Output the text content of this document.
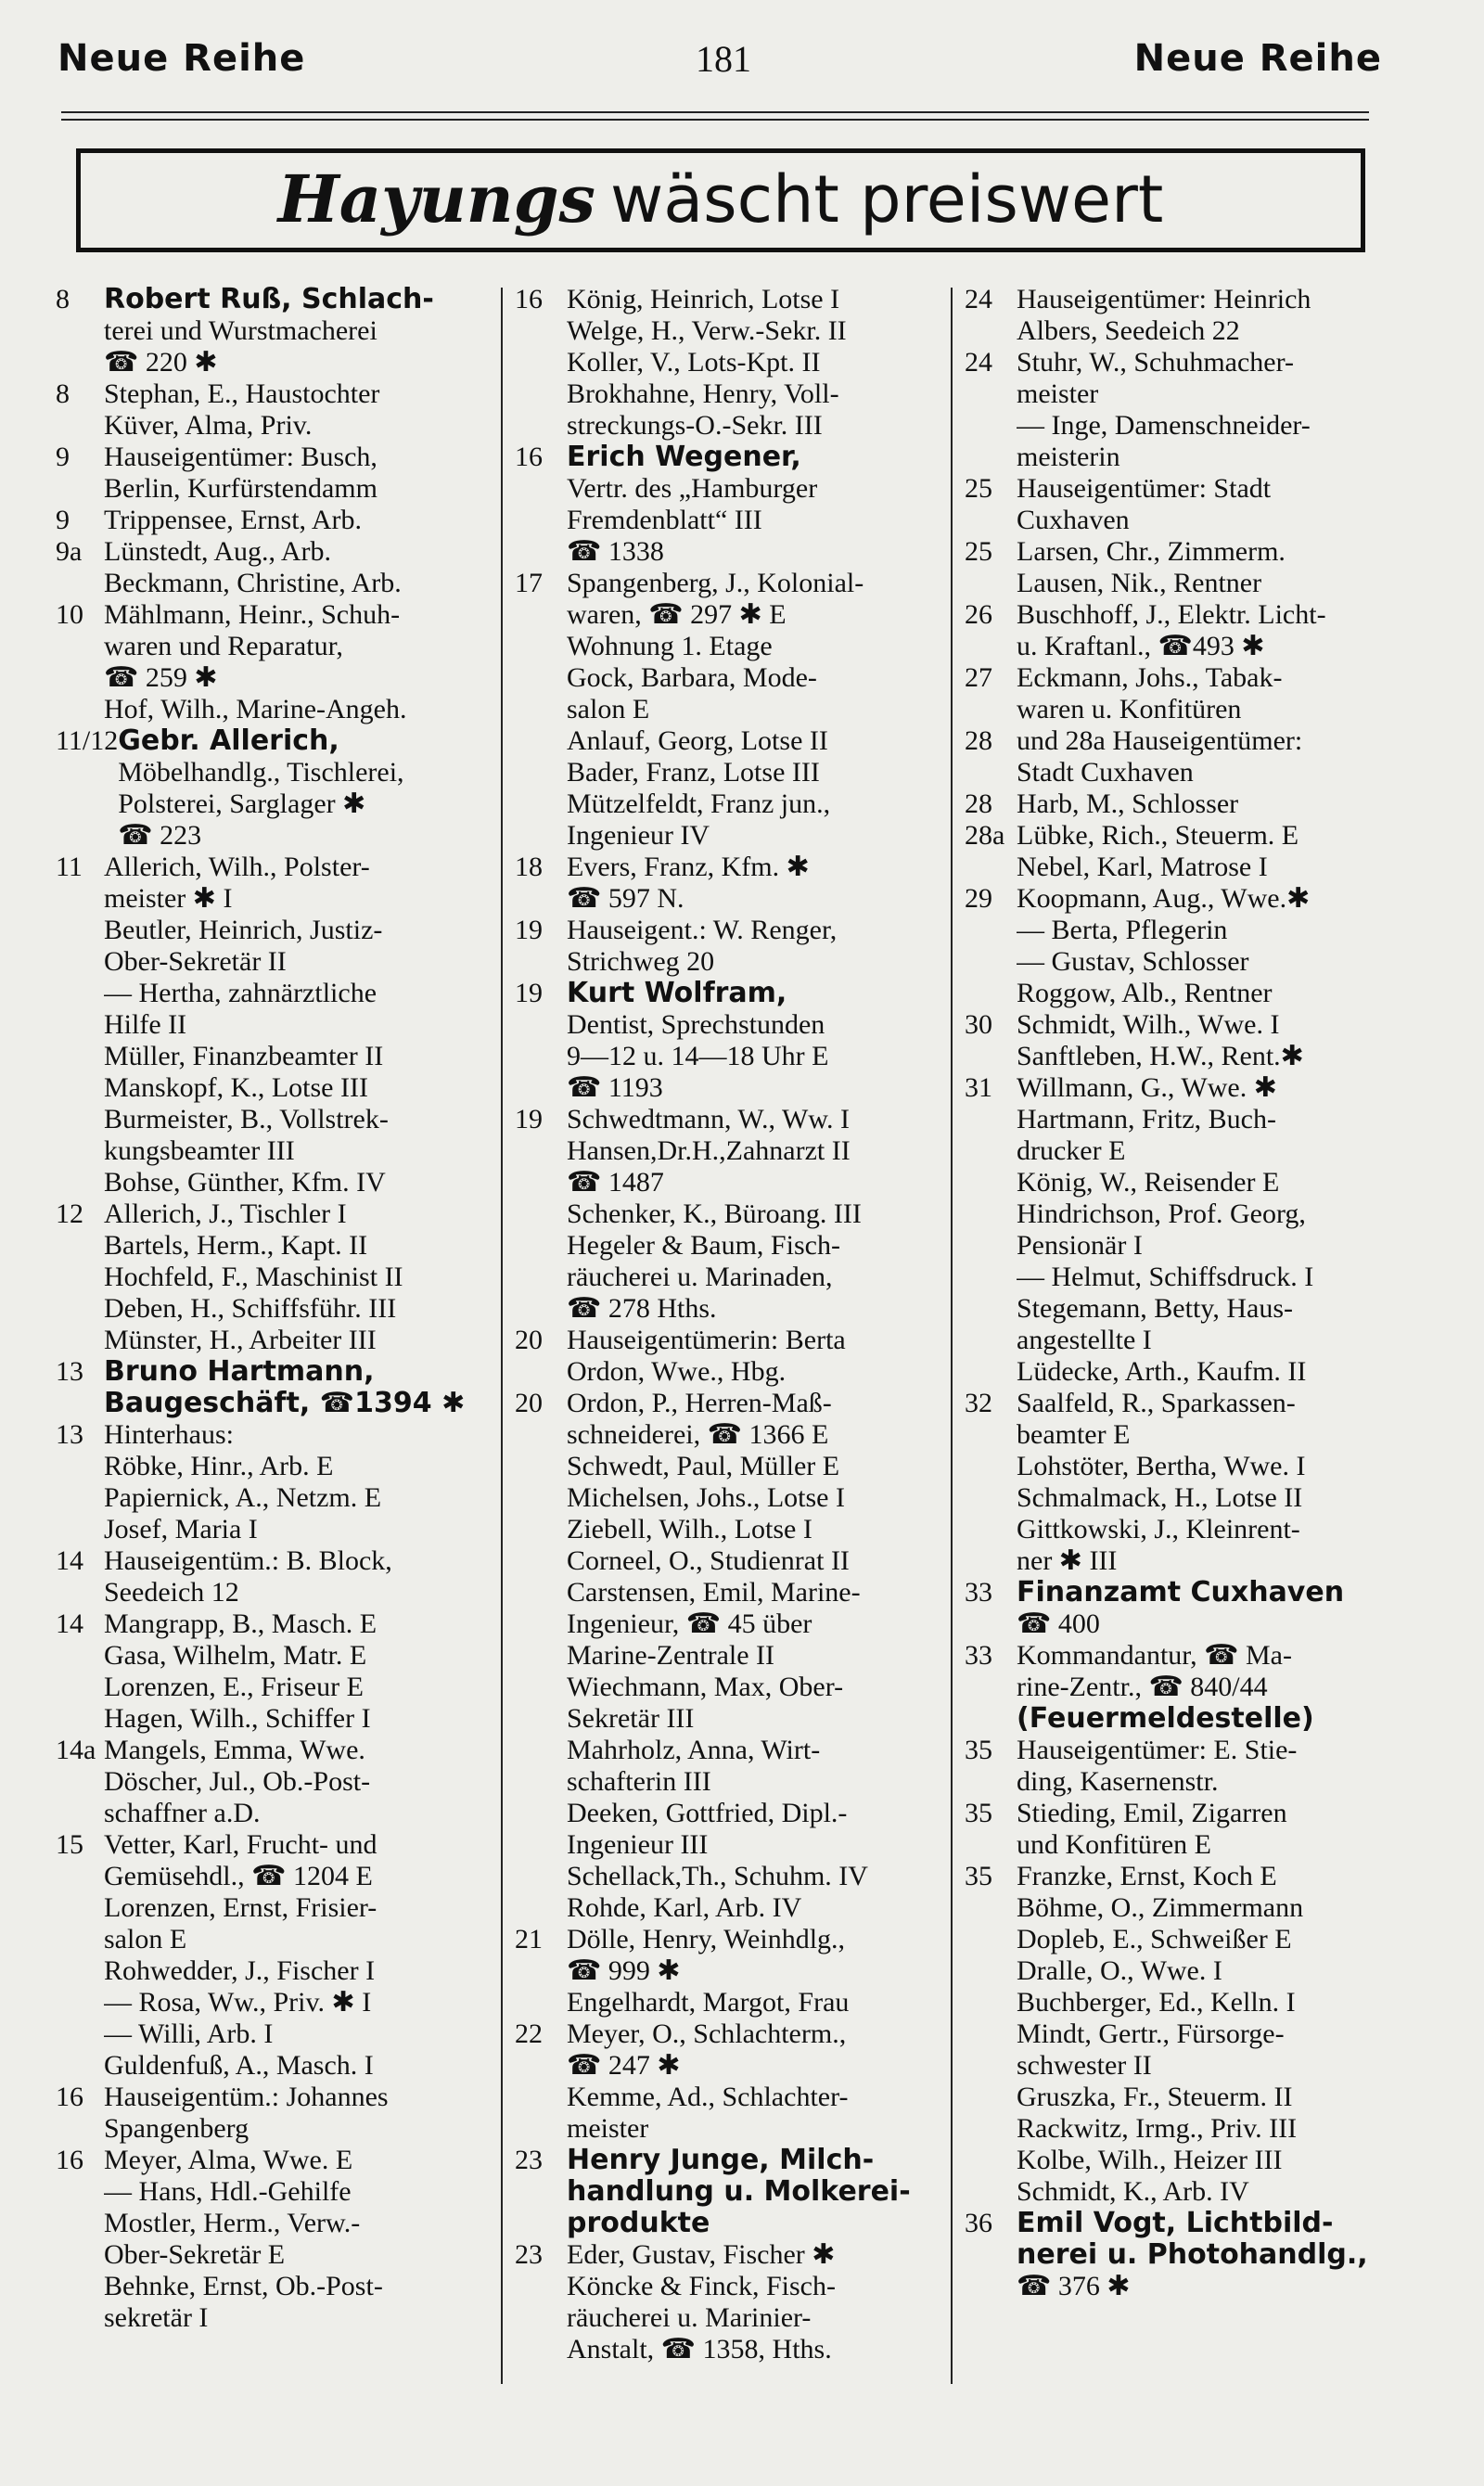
Neue Reihe	181	Neue Reihe
Hayungs wäscht preiswert
8	Robert Ruß, Schlach-
terei und Wurstmacherei
☎ 220 ✱
8	Stephan, E., Haustochter
Küver, Alma, Priv.
9	Hauseigentümer: Busch,
Berlin, Kurfürstendamm
9	Trippensee, Ernst, Arb.
9a Lünstedt, Aug., Arb.
Beckmann, Christine, Arb.
10 Mählmann, Heinr., Schuh-
waren und Reparatur,
☎ 259 ✱
Hof, Wilh., Marine-Angeh.
11/12 Gebr. Allerich,
Möbelhandlg., Tischlerei,
Polsterei, Sarglager ✱
☎ 223
11 Allerich, Wilh., Polster-
meister ✱ I
Beutler, Heinrich, Justiz-
Ober-Sekretär II
— Hertha, zahnärztliche
Hilfe II
Müller, Finanzbeamter II
Manskopf, K., Lotse III
Burmeister, B., Vollstrek-
kungsbeamter III
Bohse, Günther, Kfm. IV
12 Allerich, J., Tischler I
Bartels, Herm., Kapt. II
Hochfeld, F., Maschinist II
Deben, H., Schiffsführ. III
Münster, H., Arbeiter III
13 Bruno Hartmann,
Baugeschäft, ☎1394 ✱
13 Hinterhaus:
Röbke, Hinr., Arb. E
Papiernick, A., Netzm. E
Josef, Maria I
14 Hauseigentüm.: B. Block,
Seedeich 12
14 Mangrapp, B., Masch. E
Gasa, Wilhelm, Matr. E
Lorenzen, E., Friseur E
Hagen, Wilh., Schiffer I
14a Mangels, Emma, Wwe.
Döscher, Jul., Ob.-Post-
schaffner a.D.
15 Vetter, Karl, Frucht- und
Gemüsehdl., ☎ 1204 E
Lorenzen, Ernst, Frisier-
salon E
Rohwedder, J., Fischer I
— Rosa, Ww., Priv. ✱ I
— Willi, Arb. I
Guldenfuß, A., Masch. I
16 Hauseigentüm.: Johannes
Spangenberg
16 Meyer, Alma, Wwe. E
— Hans, Hdl.-Gehilfe
Mostler, Herm., Verw.-
Ober-Sekretär E
Behnke, Ernst, Ob.-Post-
sekretär I
16 König, Heinrich, Lotse I
Welge, H., Verw.-Sekr. II
Koller, V., Lots-Kpt. II
Brokhahne, Henry, Voll-
streckungs-O.-Sekr. III
16 Erich Wegener,
Vertr. des „Hamburger
Fremdenblatt“ III
☎ 1338
17 Spangenberg, J., Kolonial-
waren, ☎ 297 ✱ E
Wohnung 1. Etage
Gock, Barbara, Mode-
salon E
Anlauf, Georg, Lotse II
Bader, Franz, Lotse III
Mützelfeldt, Franz jun.,
Ingenieur IV
18 Evers, Franz, Kfm. ✱
☎ 597 N.
19 Hauseigent.: W. Renger,
Strichweg 20
19 Kurt Wolfram,
Dentist, Sprechstunden
9—12 u. 14—18 Uhr E
☎ 1193
19 Schwedtmann, W., Ww. I
Hansen,Dr.H.,Zahnarzt II
☎ 1487
Schenker, K., Büroang. III
Hegeler & Baum, Fisch-
räucherei u. Marinaden,
☎ 278 Hths.
20 Hauseigentümerin: Berta
Ordon, Wwe., Hbg.
20 Ordon, P., Herren-Maß-
schneiderei, ☎ 1366 E
Schwedt, Paul, Müller E
Michelsen, Johs., Lotse I
Ziebell, Wilh., Lotse I
Corneel, O., Studienrat II
Carstensen, Emil, Marine-
Ingenieur, ☎ 45 über
Marine-Zentrale II
Wiechmann, Max, Ober-
Sekretär III
Mahrholz, Anna, Wirt-
schafterin III
Deeken, Gottfried, Dipl.-
Ingenieur III
Schellack,Th., Schuhm. IV
Rohde, Karl, Arb. IV
21 Dölle, Henry, Weinhdlg.,
☎ 999 ✱
Engelhardt, Margot, Frau
22 Meyer, O., Schlachterm.,
☎ 247 ✱
Kemme, Ad., Schlachter-
meister
23 Henry Junge, Milch-
handlung u. Molkerei-
produkte
23 Eder, Gustav, Fischer ✱
Köncke & Finck, Fisch-
räucherei u. Marinier-
Anstalt, ☎ 1358, Hths.
24 Hauseigentümer: Heinrich
Albers, Seedeich 22
24 Stuhr, W., Schuhmacher-
meister
— Inge, Damenschneider-
meisterin
25 Hauseigentümer: Stadt
Cuxhaven
25 Larsen, Chr., Zimmerm.
Lausen, Nik., Rentner
26 Buschhoff, J., Elektr. Licht-
u. Kraftanl., ☎493 ✱
27 Eckmann, Johs., Tabak-
waren u. Konfitüren
28 und 28a Hauseigentümer:
Stadt Cuxhaven
28 Harb, M., Schlosser
28a Lübke, Rich., Steuerm. E
Nebel, Karl, Matrose I
29 Koopmann, Aug., Wwe.✱
— Berta, Pflegerin
— Gustav, Schlosser
Roggow, Alb., Rentner
30 Schmidt, Wilh., Wwe. I
Sanftleben, H.W., Rent.✱
31 Willmann, G., Wwe. ✱
Hartmann, Fritz, Buch-
drucker E
König, W., Reisender E
Hindrichson, Prof. Georg,
Pensionär I
— Helmut, Schiffsdruck. I
Stegemann, Betty, Haus-
angestellte I
Lüdecke, Arth., Kaufm. II
32 Saalfeld, R., Sparkassen-
beamter E
Lohstöter, Bertha, Wwe. I
Schmalmack, H., Lotse II
Gittkowski, J., Kleinrent-
ner ✱ III
33 Finanzamt Cuxhaven
☎ 400
33 Kommandantur, ☎ Ma-
rine-Zentr., ☎ 840/44
(Feuermeldestelle)
35 Hauseigentümer: E. Stie-
ding, Kasernenstr.
35 Stieding, Emil, Zigarren
und Konfitüren E
35 Franzke, Ernst, Koch E
Böhme, O., Zimmermann
Dopleb, E., Schweißer E
Dralle, O., Wwe. I
Buchberger, Ed., Kelln. I
Mindt, Gertr., Fürsorge-
schwester II
Gruszka, Fr., Steuerm. II
Rackwitz, Irmg., Priv. III
Kolbe, Wilh., Heizer III
Schmidt, K., Arb. IV
36 Emil Vogt, Lichtbild-
nerei u. Photohandlg.,
☎ 376 ✱
